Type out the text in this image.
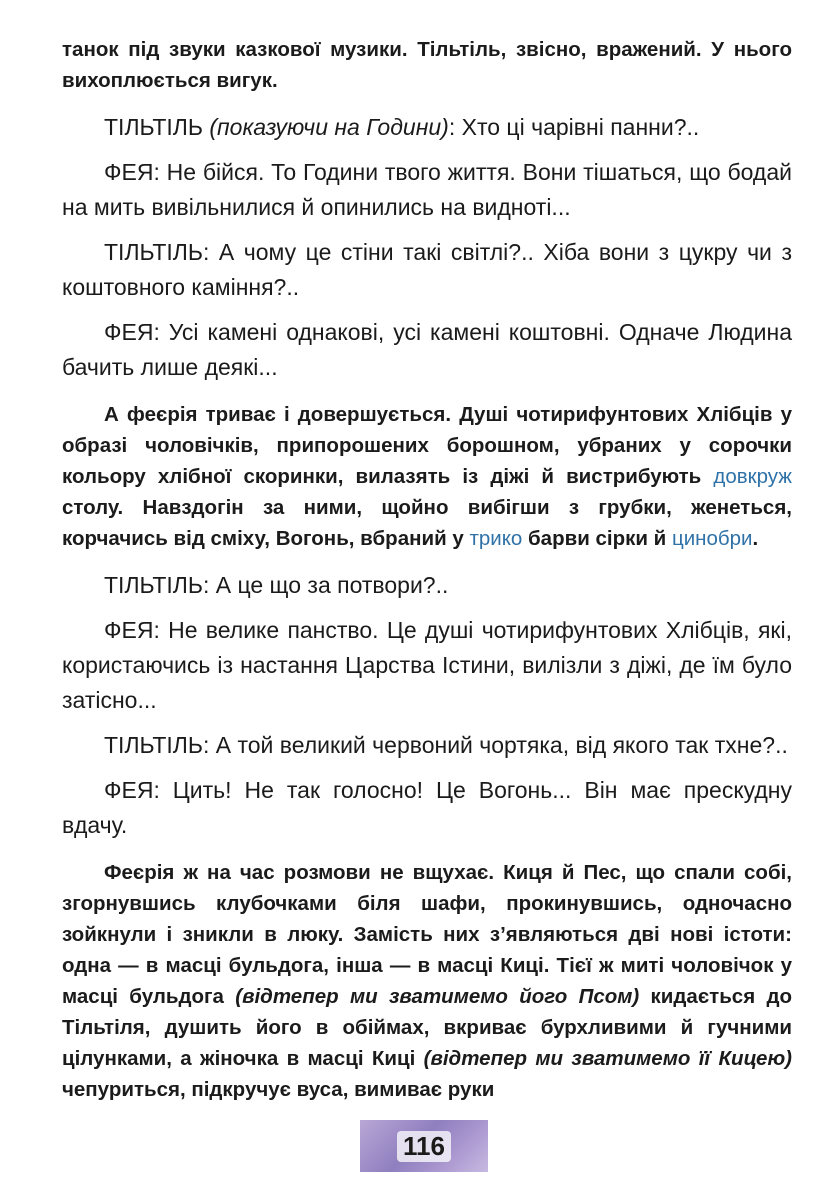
танок під звуки казкової музики. Тільтіль, звісно, вражений. У нього вихоплюється вигук.

ТІЛЬТІЛЬ (показуючи на Години): Хто ці чарівні панни?..

ФЕЯ: Не бійся. То Години твого життя. Вони тішаться, що бодай на мить вивільнилися й опинились на видноті...

ТІЛЬТІЛЬ: А чому це стіни такі світлі?.. Хіба вони з цукру чи з коштовного каміння?..

ФЕЯ: Усі камені однакові, усі камені коштовні. Одначе Людина бачить лише деякі...

А феєрія триває і довершується. Душі чотирифунтових Хлібців у образі чоловічків, припорошених борошном, убраних у сорочки кольору хлібної скоринки, вилазять із діжі й вистрибують довкруж столу. Навздогін за ними, щойно вибігши з грубки, женеться, корчачись від сміху, Вогонь, вбраний у трико барви сірки й цинобри.

ТІЛЬТІЛЬ: А це що за потвори?..

ФЕЯ: Не велике панство. Це душі чотирифунтових Хлібців, які, користаючись із настання Царства Істини, вилізли з діжі, де їм було затісно...

ТІЛЬТІЛЬ: А той великий червоний чортяка, від якого так тхне?..

ФЕЯ: Цить! Не так голосно! Це Вогонь... Він має прескудну вдачу.

Феєрія ж на час розмови не вщухає. Киця й Пес, що спали собі, згорнувшись клубочками біля шафи, прокинувшись, одночасно зойкнули і зникли в люку. Замість них з’являються дві нові істоти: одна — в масці бульдога, інша — в масці Киці. Тієї ж миті чоловічок у масці бульдога (відтепер ми зватимемо його Псом) кидається до Тільтіля, душить його в обіймах, вкриває бурхливими й гучними цілунками, а жіночка в масці Киці (відтепер ми зватимемо її Кицею) чепуриться, підкручує вуса, вимиває руки

116
